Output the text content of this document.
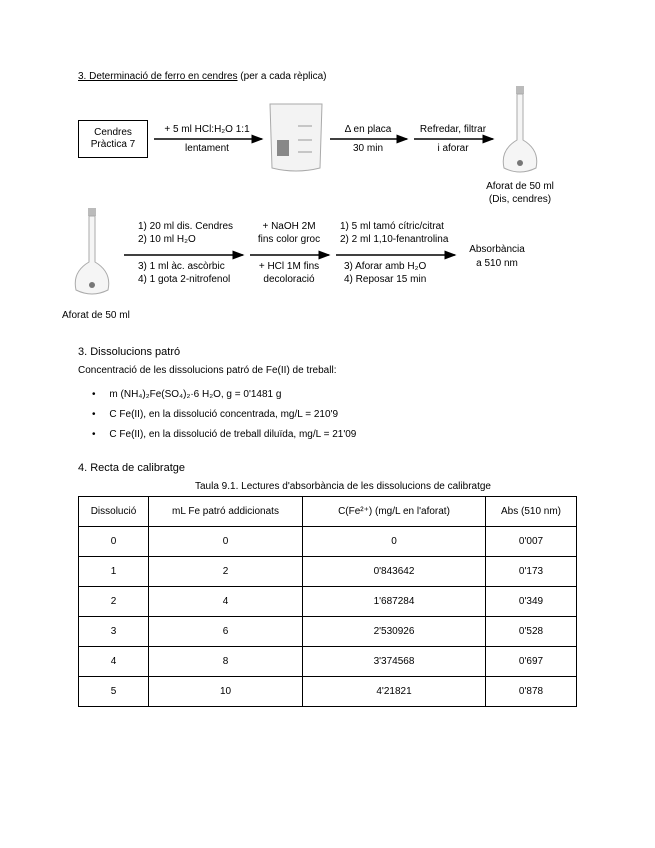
3. Determinació de ferro en cendres (per a cada rèplica)
Cendres
Pràctica 7
+ 5 ml HCl:H₂O 1:1
lentament
Δ en placa
30 min
Refredar, filtrar
i aforar
Aforat de 50 ml
(Dis, cendres)
1) 20 ml dis. Cendres
2) 10 ml H₂O
3) 1 ml àc. ascòrbic
4) 1 gota 2-nitrofenol
+ NaOH 2M
fins color groc
+ HCl 1M fins
decoloració
1) 5 ml tamó cítric/citrat
2) 2 ml 1,10-fenantrolina
3) Aforar amb H₂O
4) Reposar 15 min
Absorbància
a 510 nm
Aforat de 50 ml
3. Dissolucions patró
Concentració de les dissolucions patró de Fe(II) de treball:
•     m (NH₄)₂Fe(SO₄)₂·6 H₂O, g = 0'1481 g
•     C Fe(II), en la dissolució concentrada, mg/L = 210'9
•     C Fe(II), en la dissolució de treball diluïda, mg/L = 21'09
4. Recta de calibratge
Taula 9.1. Lectures d'absorbància de les dissolucions de calibratge
Dissolució	mL Fe patró addicionats	C(Fe²⁺) (mg/L en l'aforat)	Abs (510 nm)
0	0	0	0'007
1	2	0'843642	0'173
2	4	1'687284	0'349
3	6	2'530926	0'528
4	8	3'374568	0'697
5	10	4'21821	0'878
